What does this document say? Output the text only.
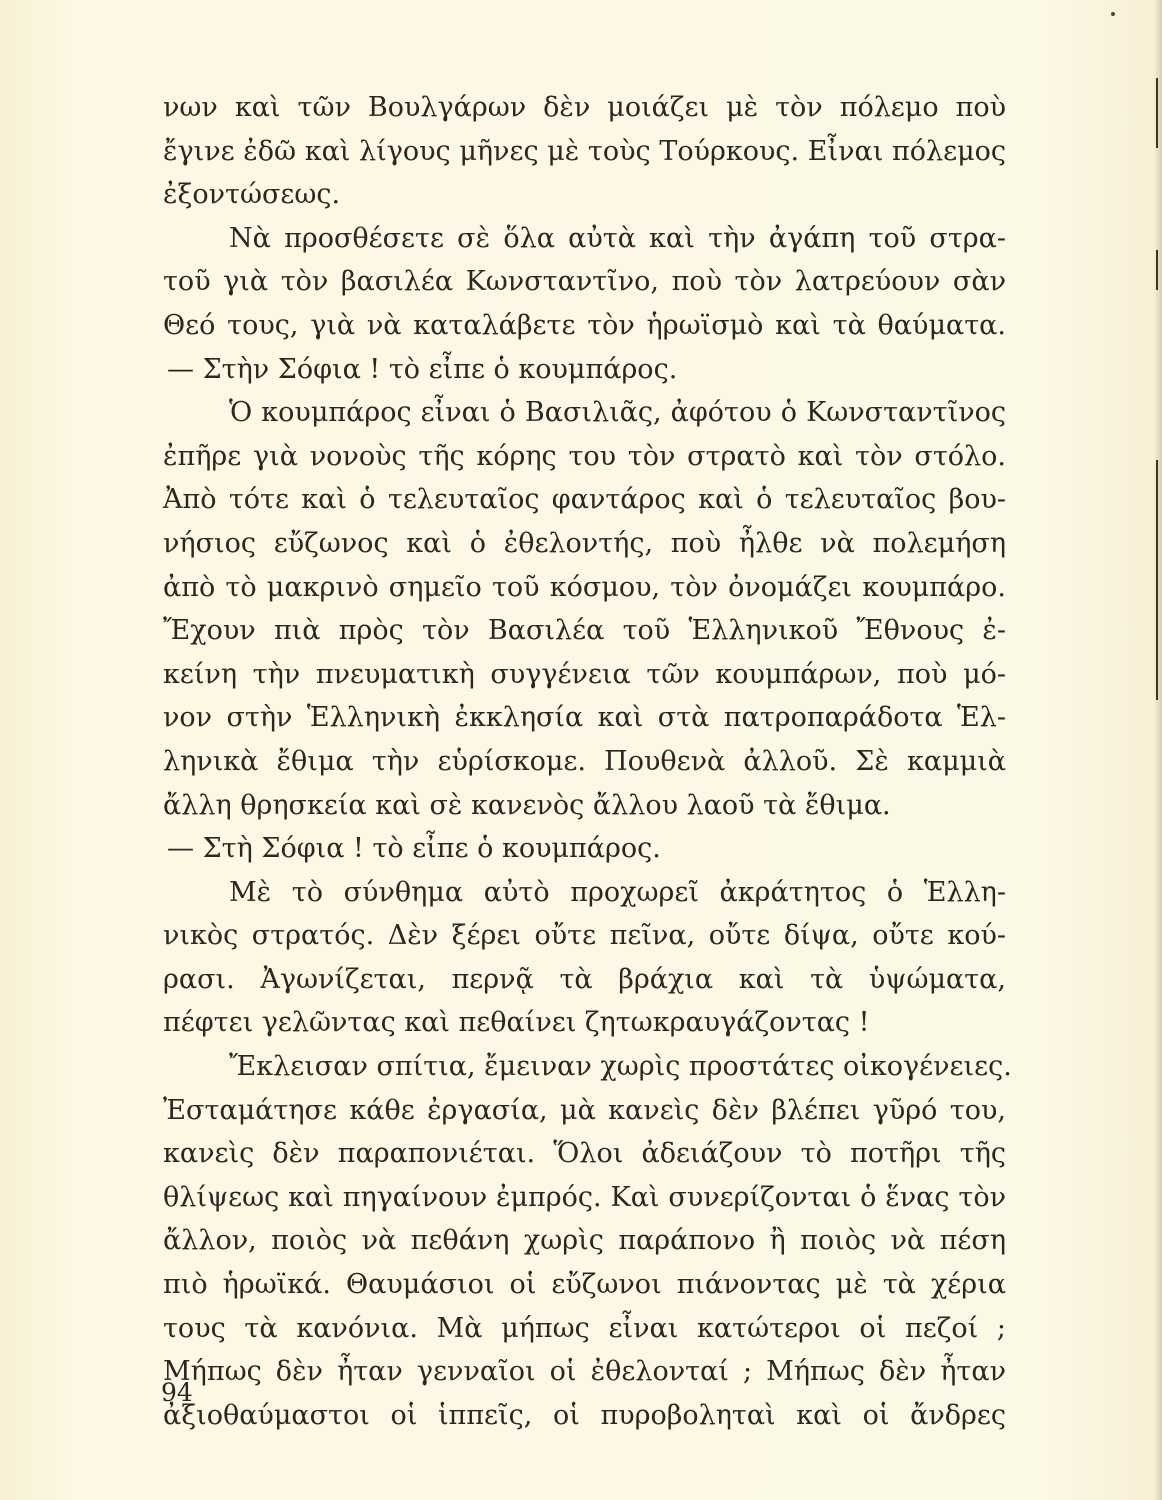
νων καὶ τῶν Βουλγάρων δὲν μοιάζει μὲ τὸν πόλεμο ποὺ
ἔγινε ἐδῶ καὶ λίγους μῆνες μὲ τοὺς Τούρκους. Εἶναι πόλεμος
ἐξοντώσεως.
Νὰ προσθέσετε σὲ ὅλα αὐτὰ καὶ τὴν ἀγάπη τοῦ στρα-
τοῦ γιὰ τὸν βασιλέα Κωνσταντῖνο, ποὺ τὸν λατρεύουν σὰν
Θεό τους, γιὰ νὰ καταλάβετε τὸν ἡρωϊσμὸ καὶ τὰ θαύματα.
— Στὴν Σόφια ! τὸ εἶπε ὁ κουμπάρος.
Ὁ κουμπάρος εἶναι ὁ Βασιλιᾶς, ἀφότου ὁ Κωνσταντῖνος
ἐπῆρε γιὰ νονοὺς τῆς κόρης του τὸν στρατὸ καὶ τὸν στόλο.
Ἀπὸ τότε καὶ ὁ τελευταῖος φαντάρος καὶ ὁ τελευταῖος βου-
νήσιος εὔζωνος καὶ ὁ ἐθελοντής, ποὺ ἦλθε νὰ πολεμήση
ἀπὸ τὸ μακρινὸ σημεῖο τοῦ κόσμου, τὸν ὀνομάζει κουμπάρο.
Ἔχουν πιὰ πρὸς τὸν Βασιλέα τοῦ Ἑλληνικοῦ Ἔθνους ἐ-
κείνη τὴν πνευματικὴ συγγένεια τῶν κουμπάρων, ποὺ μό-
νον στὴν Ἑλληνικὴ ἐκκλησία καὶ στὰ πατροπαράδοτα Ἑλ-
ληνικὰ ἔθιμα τὴν εὑρίσκομε. Πουθενὰ ἀλλοῦ. Σὲ καμμιὰ
ἄλλη θρησκεία καὶ σὲ κανενὸς ἄλλου λαοῦ τὰ ἔθιμα.
— Στὴ Σόφια ! τὸ εἶπε ὁ κουμπάρος.
Μὲ τὸ σύνθημα αὐτὸ προχωρεῖ ἀκράτητος ὁ Ἑλλη-
νικὸς στρατός. Δὲν ξέρει οὔτε πεῖνα, οὔτε δίψα, οὔτε κού-
ρασι. Ἀγωνίζεται, περνᾷ τὰ βράχια καὶ τὰ ὑψώματα,
πέφτει γελῶντας καὶ πεθαίνει ζητωκραυγάζοντας !
Ἔκλεισαν σπίτια, ἔμειναν χωρὶς προστάτες οἰκογένειες.
Ἐσταμάτησε κάθε ἐργασία, μὰ κανεὶς δὲν βλέπει γῦρό του,
κανεὶς δὲν παραπονιέται. Ὅλοι ἀδειάζουν τὸ ποτῆρι τῆς
θλίψεως καὶ πηγαίνουν ἐμπρός. Καὶ συνερίζονται ὁ ἕνας τὸν
ἄλλον, ποιὸς νὰ πεθάνη χωρὶς παράπονο ἢ ποιὸς νὰ πέση
πιὸ ἡρωϊκά. Θαυμάσιοι οἱ εὔζωνοι πιάνοντας μὲ τὰ χέρια
τους τὰ κανόνια. Μὰ μήπως εἶναι κατώτεροι οἱ πεζοί ;
Μήπως δὲν ἦταν γενναῖοι οἱ ἐθελονταί ; Μήπως δὲν ἦταν
ἀξιοθαύμαστοι οἱ ἱππεῖς, οἱ πυροβοληταὶ καὶ οἱ ἄνδρες
94
